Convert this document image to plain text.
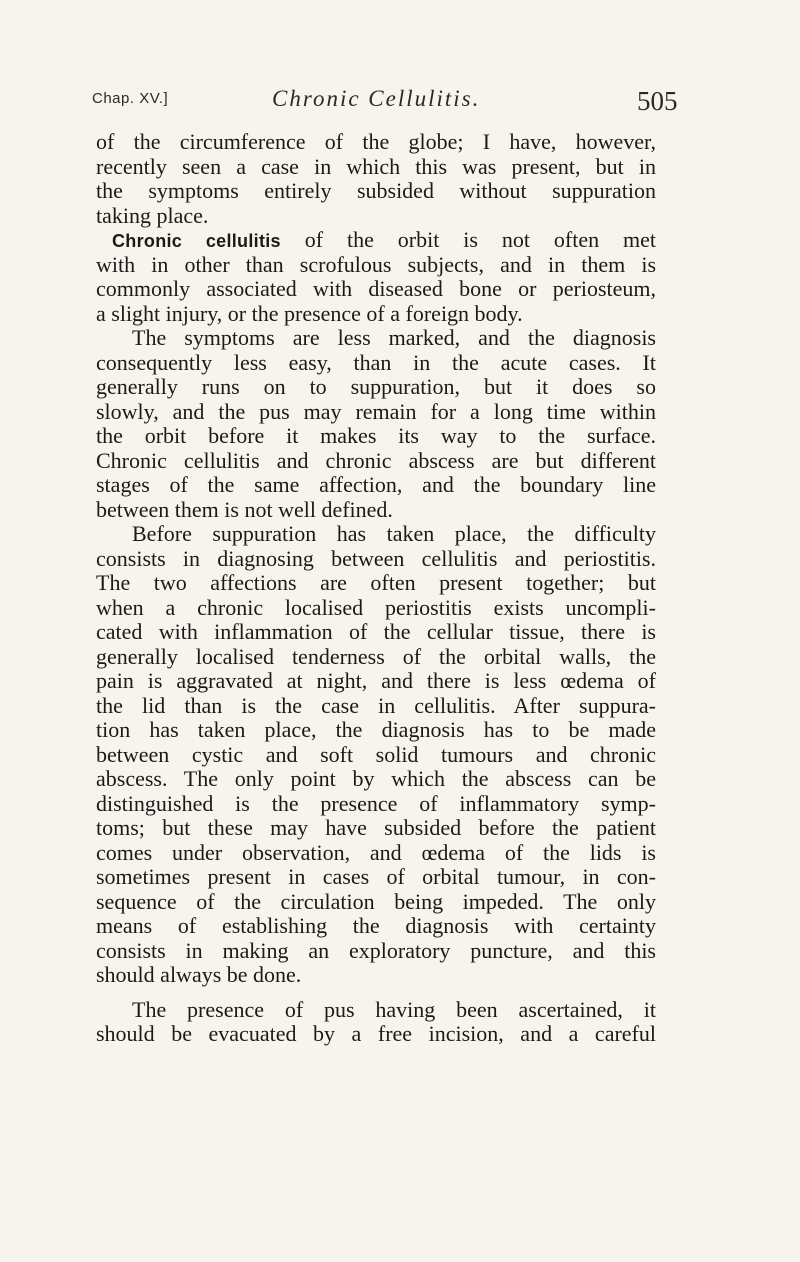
Chap. XV.]	Chronic Cellulitis.	505
of the circumference of the globe; I have, however,
recently seen a case in which this was present, but in
the symptoms entirely subsided without suppuration
taking place.
Chronic cellulitis of the orbit is not often met
with in other than scrofulous subjects, and in them is
commonly associated with diseased bone or periosteum,
a slight injury, or the presence of a foreign body.
The symptoms are less marked, and the diagnosis
consequently less easy, than in the acute cases. It
generally runs on to suppuration, but it does so
slowly, and the pus may remain for a long time within
the orbit before it makes its way to the surface.
Chronic cellulitis and chronic abscess are but different
stages of the same affection, and the boundary line
between them is not well defined.
Before suppuration has taken place, the difficulty
consists in diagnosing between cellulitis and periostitis.
The two affections are often present together; but
when a chronic localised periostitis exists uncompli-
cated with inflammation of the cellular tissue, there is
generally localised tenderness of the orbital walls, the
pain is aggravated at night, and there is less œdema of
the lid than is the case in cellulitis. After suppura-
tion has taken place, the diagnosis has to be made
between cystic and soft solid tumours and chronic
abscess. The only point by which the abscess can be
distinguished is the presence of inflammatory symp-
toms; but these may have subsided before the patient
comes under observation, and œdema of the lids is
sometimes present in cases of orbital tumour, in con-
sequence of the circulation being impeded. The only
means of establishing the diagnosis with certainty
consists in making an exploratory puncture, and this
should always be done.
The presence of pus having been ascertained, it
should be evacuated by a free incision, and a careful
